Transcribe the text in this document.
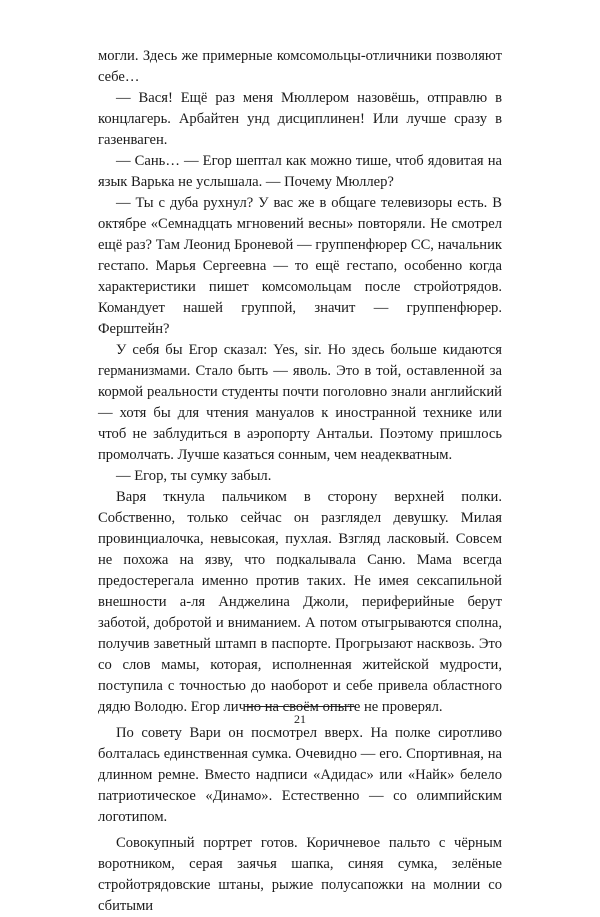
могли. Здесь же примерные комсомольцы-отличники позволяют себе…

— Вася! Ещё раз меня Мюллером назовёшь, отправлю в концлагерь. Арбайтен унд дисциплинен! Или лучше сразу в газенваген.

— Сань… — Егор шептал как можно тише, чтоб ядовитая на язык Варька не услышала. — Почему Мюллер?

— Ты с дуба рухнул? У вас же в общаге телевизоры есть. В октябре «Семнадцать мгновений весны» повторяли. Не смотрел ещё раз? Там Леонид Броневой — группенфюрер СС, начальник гестапо. Марья Сергеевна — то ещё гестапо, особенно когда характеристики пишет комсомольцам после стройотрядов. Командует нашей группой, значит — группенфюрер. Ферштейн?

У себя бы Егор сказал: Yes, sir. Но здесь больше кидаются германизмами. Стало быть — яволь. Это в той, оставленной за кормой реальности студенты почти поголовно знали английский — хотя бы для чтения мануалов к иностранной технике или чтоб не заблудиться в аэропорту Антальи. Поэтому пришлось промолчать. Лучше казаться сонным, чем неадекватным.

— Егор, ты сумку забыл.

Варя ткнула пальчиком в сторону верхней полки. Собственно, только сейчас он разглядел девушку. Милая провинциалочка, невысокая, пухлая. Взгляд ласковый. Совсем не похожа на язву, что подкалывала Саню. Мама всегда предостерегала именно против таких. Не имея сексапильной внешности а-ля Анджелина Джоли, периферийные берут заботой, добротой и вниманием. А потом отыгрываются сполна, получив заветный штамп в паспорте. Прогрызают насквозь. Это со слов мамы, которая, исполненная житейской мудрости, поступила с точностью до наоборот и себе привела областного дядю Володю. Егор лично на своём опыте не проверял.

По совету Вари он посмотрел вверх. На полке сиротливо болталась единственная сумка. Очевидно — его. Спортивная, на длинном ремне. Вместо надписи «Адидас» или «Найк» белело патриотическое «Динамо». Естественно — со олимпийским логотипом.

Совокупный портрет готов. Коричневое пальто с чёрным воротником, серая заячья шапка, синяя сумка, зелёные стройотрядовские штаны, рыжие полусапожки на молнии со сбитыми

21
